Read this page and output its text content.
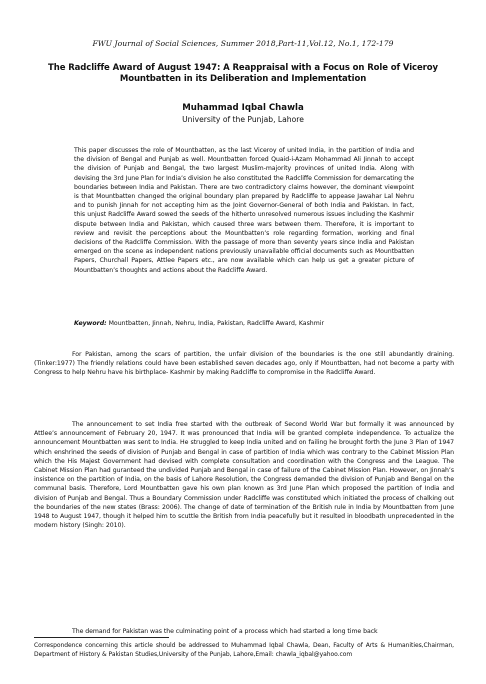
FWU Journal of Social Sciences, Summer 2018,Part-11,Vol.12, No.1, 172-179
The Radcliffe Award of August 1947: A Reappraisal with a Focus on Role of Viceroy Mountbatten in its Deliberation and Implementation
Muhammad Iqbal Chawla
University of the Punjab, Lahore
This paper discusses the role of Mountbatten, as the last Viceroy of united India, in the partition of India and the division of Bengal and Punjab as well. Mountbatten forced Quaid-i-Azam Mohammad Ali Jinnah to accept the division of Punjab and Bengal, the two largest Muslim-majority provinces of united India. Along with devising the 3rd June Plan for India’s division he also constituted the Radcliffe Commission for demarcating the boundaries between India and Pakistan. There are two contradictory claims however, the dominant viewpoint is that Mountbatten changed the original boundary plan prepared by Radcliffe to appease Jawahar Lal Nehru and to punish Jinnah for not accepting him as the Joint Governor-General of both India and Pakistan. In fact, this unjust Radcliffe Award sowed the seeds of the hitherto unresolved numerous issues including the Kashmir dispute between India and Pakistan, which caused three wars between them. Therefore, it is important to review and revisit the perceptions about the Mountbatten’s role regarding formation, working and final decisions of the Radcliffe Commission. With the passage of more than seventy years since India and Pakistan emerged on the scene as independent nations previously unavailable official documents such as Mountbatten Papers, Churchall Papers, Attlee Papers etc., are now available which can help us get a greater picture of Mountbatten’s thoughts and actions about the Radcliffe Award.
Keyword: Mountbatten, Jinnah, Nehru, India, Pakistan, Radcliffe Award, Kashmir
For Pakistan, among the scars of partition, the unfair division of the boundaries is the one still abundantly draining. (Tinker:1977) The friendly relations could have been established seven decades ago, only if Mountbatten, had not become a party with Congress to help Nehru have his birthplace- Kashmir by making Radcliffe to compromise in the Radcliffe Award.
The announcement to set India free started with the outbreak of Second World War but formally it was announced by Attlee’s announcement of February 20, 1947. It was pronounced that India will be granted complete independence. To actualize the announcement Mountbatten was sent to India. He struggled to keep India united and on failing he brought forth the June 3 Plan of 1947 which enshrined the seeds of division of Punjab and Bengal in case of partition of India which was contrary to the Cabinet Mission Plan which the His Majest Government had devised with complete consultation and coordination with the Congress and the League. The Cabinet Mission Plan had guranteed the undivided Punjab and Bengal in case of failure of the Cabinet Mission Plan. However, on Jinnah’s insistence on the partition of India, on the basis of Lahore Resolution, the Congress demanded the division of Punjab and Bengal on the communal basis. Therefore, Lord Mountbatten gave his own plan known as 3rd June Plan which proposed the partition of India and division of Punjab and Bengal. Thus a Boundary Commission under Radcliffe was constituted which initiated the process of chalking out the boundaries of the new states (Brass: 2006). The change of date of termination of the British rule in India by Mountbatten from June 1948 to August 1947, though it helped him to scuttle the British from India peacefully but it resulted in bloodbath unprecedented in the modern history (Singh: 2010).
The demand for Pakistan was the culminating point of a process which had started a long time back
Correspondence concerning this article should be addressed to Muhammad Iqbal Chawla, Dean, Faculty of Arts & Humanities,Chairman, Department of History & Pakistan Studies,University of the Punjab, Lahore,Email: chawla_iqbal@yahoo.com
